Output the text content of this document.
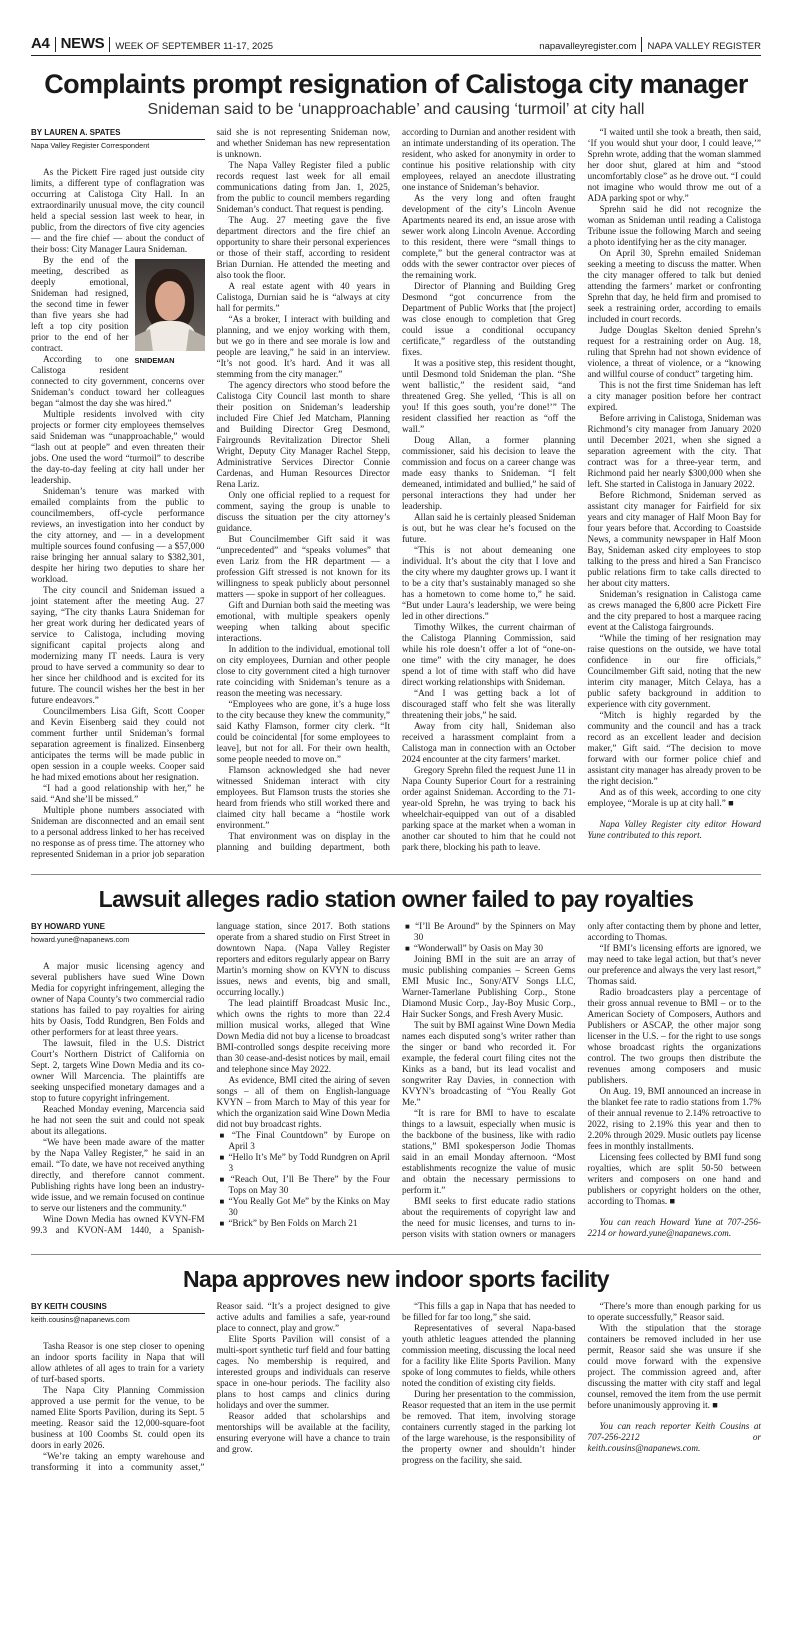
A4 NEWS WEEK OF SEPTEMBER 11-17, 2025	napavalleyregister.com NAPA VALLEY REGISTER
Complaints prompt resignation of Calistoga city manager
Snideman said to be ‘unapproachable’ and causing ‘turmoil’ at city hall

BY LAUREN A. SPATES

Napa Valley Register Correspondent

As the Pickett Fire raged just outside city limits, a different type of conflagration was occurring at Calistoga City Hall. In an extraordinarily unusual move, the city council held a special session last week to hear, in public, from the directors of five city agencies — and the fire chief — about the conduct of their boss: City Manager Laura Snideman.

SNIDEMAN

By the end of the meeting, described as deeply emotional, Snideman had resigned, the second time in fewer than five years she had left a top city position prior to the end of her contract.

According to one Calistoga resident connected to city government, concerns over Snideman’s conduct toward her colleagues began “almost the day she was hired.”

Multiple residents involved with city projects or former city employees themselves said Snideman was “unapproachable,” would “lash out at people” and even threaten their jobs. One used the word “turmoil” to describe the day-to-day feeling at city hall under her leadership.

Snideman’s tenure was marked with emailed complaints from the public to councilmembers, off-cycle performance reviews, an investigation into her conduct by the city attorney, and — in a development multiple sources found confusing — a $57,000 raise bringing her annual salary to $382,301, despite her hiring two deputies to share her workload.

The city council and Snideman issued a joint statement after the meeting Aug. 27 saying, “The city thanks Laura Snideman for her great work during her dedicated years of service to Calistoga, including moving significant capital projects along and modernizing many IT needs. Laura is very proud to have served a community so dear to her since her childhood and is excited for its future. The council wishes her the best in her future endeavors.”

Councilmembers Lisa Gift, Scott Cooper and Kevin Eisenberg said they could not comment further until Snideman’s formal separation agreement is finalized. Einsenberg anticipates the terms will be made public in open session in a couple weeks. Cooper said he had mixed emotions about her resignation.

“I had a good relationship with her,” he said. “And she’ll be missed.”

Multiple phone numbers associated with Snideman are disconnected and an email sent to a personal address linked to her has received no response as of press time. The attorney who represented Snideman in a prior job separation said she is not representing Snideman now, and whether Snideman has new representation is unknown.

The Napa Valley Register filed a public records request last week for all email communications dating from Jan. 1, 2025, from the public to council members regarding Snideman’s conduct. That request is pending.

The Aug. 27 meeting gave the five department directors and the fire chief an opportunity to share their personal experiences or those of their staff, according to resident Brian Durnian. He attended the meeting and also took the floor.

A real estate agent with 40 years in Calistoga, Durnian said he is “always at city hall for permits.”

“As a broker, I interact with building and planning, and we enjoy working with them, but we go in there and see morale is low and people are leaving,” he said in an interview. “It’s not good. It’s hard. And it was all stemming from the city manager.”

The agency directors who stood before the Calistoga City Council last month to share their position on Snideman’s leadership included Fire Chief Jed Matcham, Planning and Building Director Greg Desmond, Fairgrounds Revitalization Director Sheli Wright, Deputy City Manager Rachel Stepp, Administrative Services Director Connie Cardenas, and Human Resources Director Rena Lariz.

Only one official replied to a request for comment, saying the group is unable to discuss the situation per the city attorney’s guidance.

But Councilmember Gift said it was “unprecedented” and “speaks volumes” that even Lariz from the HR department — a profession Gift stressed is not known for its willingness to speak publicly about personnel matters — spoke in support of her colleagues.

Gift and Durnian both said the meeting was emotional, with multiple speakers openly weeping when talking about specific interactions.

In addition to the individual, emotional toll on city employees, Durnian and other people close to city government cited a high turnover rate coinciding with Snideman’s tenure as a reason the meeting was necessary.

“Employees who are gone, it’s a huge loss to the city because they knew the community,” said Kathy Flamson, former city clerk. “It could be coincidental [for some employees to leave], but not for all. For their own health, some people needed to move on.”

Flamson acknowledged she had never witnessed Snideman interact with city employees. But Flamson trusts the stories she heard from friends who still worked there and claimed city hall became a “hostile work environment.”

That environment was on display in the planning and building department, both according to Durnian and another resident with an intimate understanding of its operation. The resident, who asked for anonymity in order to continue his positive relationship with city employees, relayed an anecdote illustrating one instance of Snideman’s behavior.

As the very long and often fraught development of the city’s Lincoln Avenue Apartments neared its end, an issue arose with sewer work along Lincoln Avenue. According to this resident, there were “small things to complete,” but the general contractor was at odds with the sewer contractor over pieces of the remaining work.

Director of Planning and Building Greg Desmond “got concurrence from the Department of Public Works that [the project] was close enough to completion that Greg could issue a conditional occupancy certificate,” regardless of the outstanding fixes.

It was a positive step, this resident thought, until Desmond told Snideman the plan. “She went ballistic,” the resident said, “and threatened Greg. She yelled, ‘This is all on you! If this goes south, you’re done!’” The resident classified her reaction as “off the wall.”

Doug Allan, a former planning commissioner, said his decision to leave the commission and focus on a career change was made easy thanks to Snideman. “I felt demeaned, intimidated and bullied,” he said of personal interactions they had under her leadership.

Allan said he is certainly pleased Snideman is out, but he was clear he’s focused on the future.

“This is not about demeaning one individual. It’s about the city that I love and the city where my daughter grows up. I want it to be a city that’s sustainably managed so she has a hometown to come home to,” he said. “But under Laura’s leadership, we were being led in other directions.”

Timothy Wilkes, the current chairman of the Calistoga Planning Commission, said while his role doesn’t offer a lot of “one-on-one time” with the city manager, he does spend a lot of time with staff who did have direct working relationships with Snideman.

“And I was getting back a lot of discouraged staff who felt she was literally threatening their jobs,” he said.

Away from city hall, Snideman also received a harassment complaint from a Calistoga man in connection with an October 2024 encounter at the city farmers’ market.

Gregory Sprehn filed the request June 11 in Napa County Superior Court for a restraining order against Snideman. According to the 71-year-old Sprehn, he was trying to back his wheelchair-equipped van out of a disabled parking space at the market when a woman in another car shouted to him that he could not park there, blocking his path to leave.

“I waited until she took a breath, then said, ‘If you would shut your door, I could leave,’” Sprehn wrote, adding that the woman slammed her door shut, glared at him and “stood uncomfortably close” as he drove out. “I could not imagine who would throw me out of a ADA parking spot or why.”

Sprehn said he did not recognize the woman as Snideman until reading a Calistoga Tribune issue the following March and seeing a photo identifying her as the city manager.

On April 30, Sprehn emailed Snideman seeking a meeting to discuss the matter. When the city manager offered to talk but denied attending the farmers’ market or confronting Sprehn that day, he held firm and promised to seek a restraining order, according to emails included in court records.

Judge Douglas Skelton denied Sprehn’s request for a restraining order on Aug. 18, ruling that Sprehn had not shown evidence of violence, a threat of violence, or a “knowing and willful course of conduct” targeting him.

This is not the first time Snideman has left a city manager position before her contract expired.

Before arriving in Calistoga, Snideman was Richmond’s city manager from January 2020 until December 2021, when she signed a separation agreement with the city. That contract was for a three-year term, and Richmond paid her nearly $300,000 when she left. She started in Calistoga in January 2022.

Before Richmond, Snideman served as assistant city manager for Fairfield for six years and city manager of Half Moon Bay for four years before that. According to Coastside News, a community newspaper in Half Moon Bay, Snideman asked city employees to stop talking to the press and hired a San Francisco public relations firm to take calls directed to her about city matters.

Snideman’s resignation in Calistoga came as crews managed the 6,800 acre Pickett Fire and the city prepared to host a marquee racing event at the Calistoga fairgrounds.

“While the timing of her resignation may raise questions on the outside, we have total confidence in our fire officials,” Councilmember Gift said, noting that the new interim city manager, Mitch Celaya, has a public safety background in addition to experience with city government.

“Mitch is highly regarded by the community and the council and has a track record as an excellent leader and decision maker,” Gift said. “The decision to move forward with our former police chief and assistant city manager has already proven to be the right decision.”

And as of this week, according to one city employee, “Morale is up at city hall.” ■

Napa Valley Register city editor Howard Yune contributed to this report.

Lawsuit alleges radio station owner failed to pay royalties

BY HOWARD YUNE

howard.yune@napanews.com

A major music licensing agency and several publishers have sued Wine Down Media for copyright infringement, alleging the owner of Napa County’s two commercial radio stations has failed to pay royalties for airing hits by Oasis, Todd Rundgren, Ben Folds and other performers for at least three years.

The lawsuit, filed in the U.S. District Court’s Northern District of California on Sept. 2, targets Wine Down Media and its co-owner Will Marcencia. The plaintiffs are seeking unspecified monetary damages and a stop to future copyright infringement.

Reached Monday evening, Marcencia said he had not seen the suit and could not speak about its allegations.

“We have been made aware of the matter by the Napa Valley Register,” he said in an email. “To date, we have not received anything directly, and therefore cannot comment. Publishing rights have long been an industry-wide issue, and we remain focused on continue to serve our listeners and the community.”

Wine Down Media has owned KVYN-FM 99.3 and KVON-AM 1440, a Spanish-language station, since 2017. Both stations operate from a shared studio on First Street in downtown Napa. (Napa Valley Register reporters and editors regularly appear on Barry Martin’s morning show on KVYN to discuss issues, news and events, big and small, occurring locally.)

The lead plaintiff Broadcast Music Inc., which owns the rights to more than 22.4 million musical works, alleged that Wine Down Media did not buy a license to broadcast BMI-controlled songs despite receiving more than 30 cease-and-desist notices by mail, email and telephone since May 2022.

As evidence, BMI cited the airing of seven songs – all of them on English-language KVYN – from March to May of this year for which the organization said Wine Down Media did not buy broadcast rights.

■ “The Final Countdown” by Europe on April 3
■ “Hello It’s Me” by Todd Rundgren on April 3
■ “Reach Out, I’ll Be There” by the Four Tops on May 30
■ “You Really Got Me” by the Kinks on May 30
■ “Brick” by Ben Folds on March 21
■ “I’ll Be Around” by the Spinners on May 30
■ “Wonderwall” by Oasis on May 30

Joining BMI in the suit are an array of music publishing companies – Screen Gems EMI Music Inc., Sony/ATV Songs LLC, Warner-Tamerlane Publishing Corp., Stone Diamond Music Corp., Jay-Boy Music Corp., Hair Sucker Songs, and Fresh Avery Music.

The suit by BMI against Wine Down Media names each disputed song’s writer rather than the singer or band who recorded it. For example, the federal court filing cites not the Kinks as a band, but its lead vocalist and songwriter Ray Davies, in connection with KVYN’s broadcasting of “You Really Got Me.”

“It is rare for BMI to have to escalate things to a lawsuit, especially when music is the backbone of the business, like with radio stations,” BMI spokesperson Jodie Thomas said in an email Monday afternoon. “Most establishments recognize the value of music and obtain the necessary permissions to perform it.”

BMI seeks to first educate radio stations about the requirements of copyright law and the need for music licenses, and turns to in-person visits with station owners or managers only after contacting them by phone and letter, according to Thomas.

“If BMI’s licensing efforts are ignored, we may need to take legal action, but that’s never our preference and always the very last resort,” Thomas said.

Radio broadcasters play a percentage of their gross annual revenue to BMI – or to the American Society of Composers, Authors and Publishers or ASCAP, the other major song licenser in the U.S. – for the right to use songs whose broadcast rights the organizations control. The two groups then distribute the revenues among composers and music publishers.

On Aug. 19, BMI announced an increase in the blanket fee rate to radio stations from 1.7% of their annual revenue to 2.14% retroactive to 2022, rising to 2.19% this year and then to 2.20% through 2029. Music outlets pay license fees in monthly installments.

Licensing fees collected by BMI fund song royalties, which are split 50-50 between writers and composers on one hand and publishers or copyright holders on the other, according to Thomas. ■

You can reach Howard Yune at 707-256-2214 or howard.yune@napanews.com.

Napa approves new indoor sports facility

BY KEITH COUSINS

keith.cousins@napanews.com

Tasha Reasor is one step closer to opening an indoor sports facility in Napa that will allow athletes of all ages to train for a variety of turf-based sports.

The Napa City Planning Commission approved a use permit for the venue, to be named Elite Sports Pavilion, during its Sept. 5 meeting. Reasor said the 12,000-square-foot business at 100 Coombs St. could open its doors in early 2026.

“We’re taking an empty warehouse and transforming it into a community asset,” Reasor said. “It’s a project designed to give active adults and families a safe, year-round place to connect, play and grow.”

Elite Sports Pavilion will consist of a multi-sport synthetic turf field and four batting cages. No membership is required, and interested groups and individuals can reserve space in one-hour periods. The facility also plans to host camps and clinics during holidays and over the summer.

Reasor added that scholarships and mentorships will be available at the facility, ensuring everyone will have a chance to train and grow.

“This fills a gap in Napa that has needed to be filled for far too long,” she said.

Representatives of several Napa-based youth athletic leagues attended the planning commission meeting, discussing the local need for a facility like Elite Sports Pavilion. Many spoke of long commutes to fields, while others noted the condition of existing city fields.

During her presentation to the commission, Reasor requested that an item in the use permit be removed. That item, involving storage containers currently staged in the parking lot of the large warehouse, is the responsibility of the property owner and shouldn’t hinder progress on the facility, she said.

“There’s more than enough parking for us to operate successfully,” Reasor said.

With the stipulation that the storage containers be removed included in her use permit, Reasor said she was unsure if she could move forward with the expensive project. The commission agreed and, after discussing the matter with city staff and legal counsel, removed the item from the use permit before unanimously approving it. ■

You can reach reporter Keith Cousins at 707-256-2212 or keith.cousins@napanews.com.
